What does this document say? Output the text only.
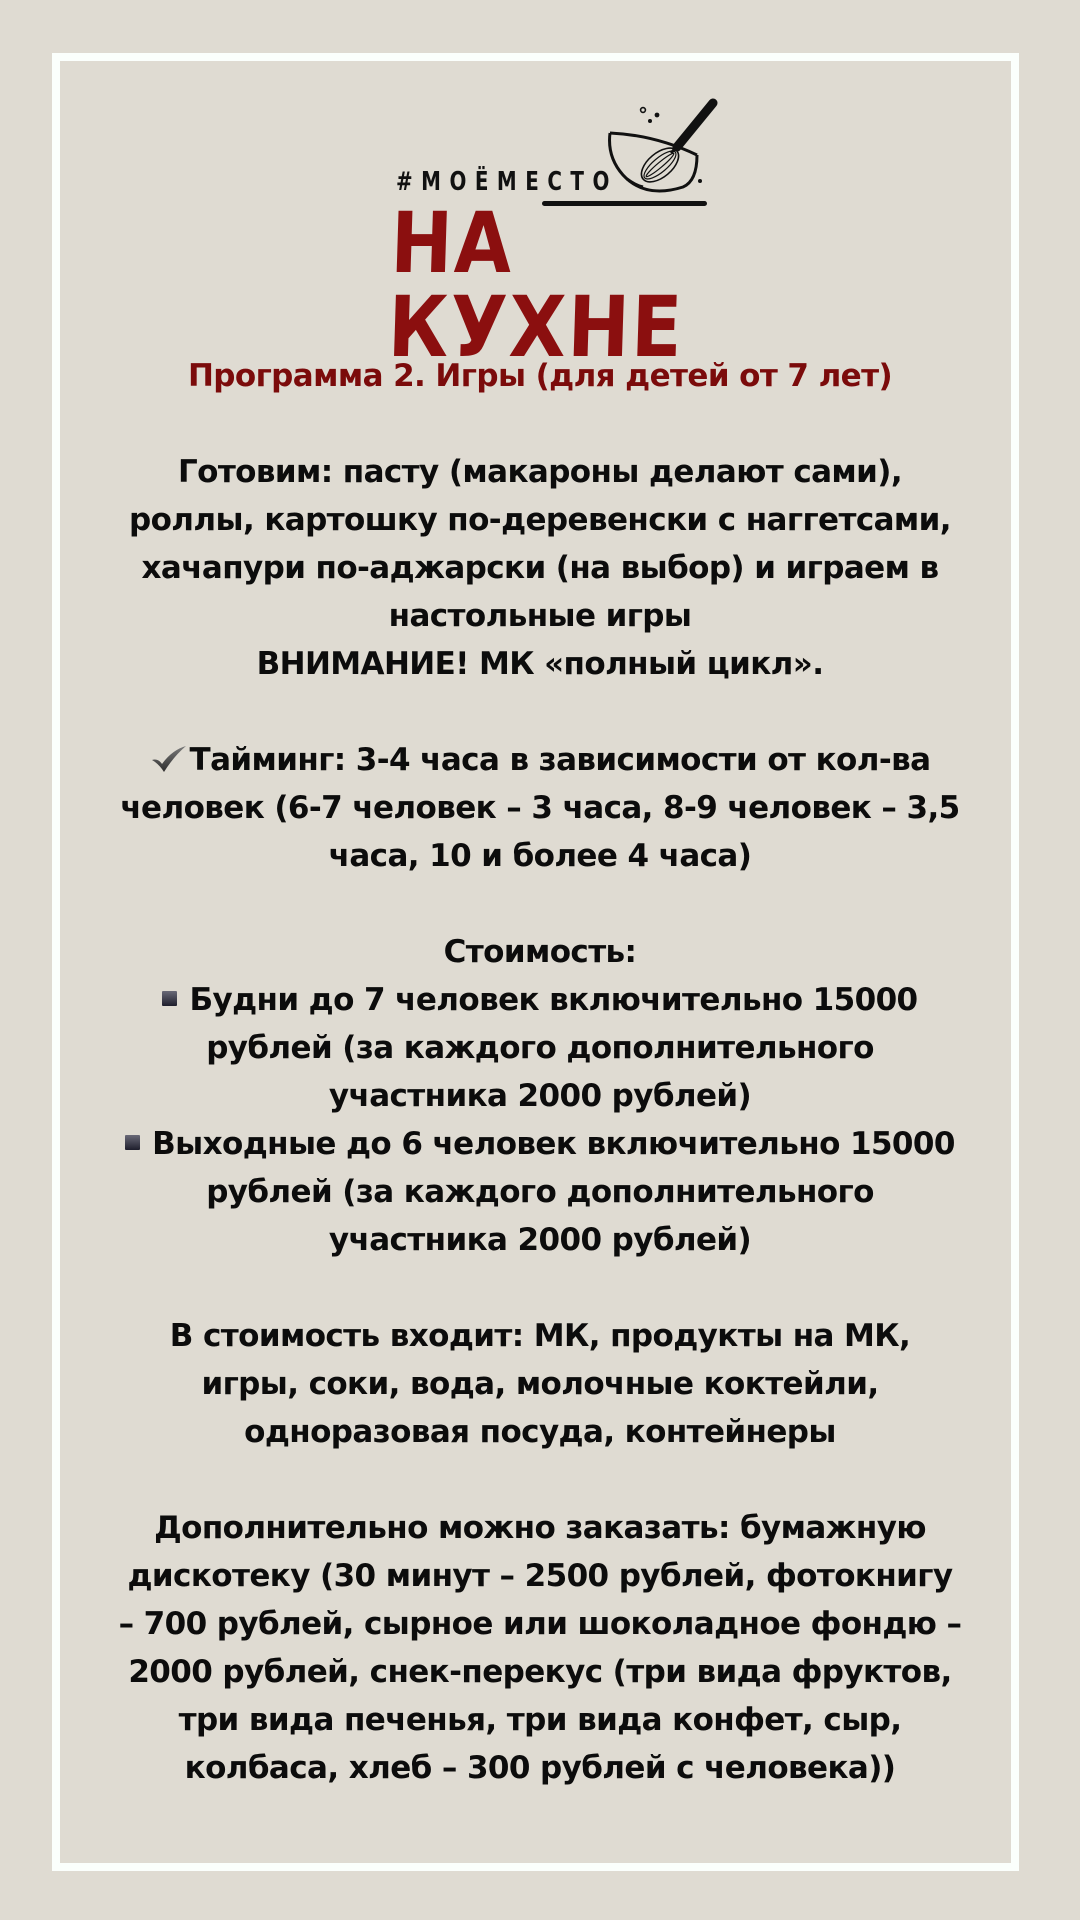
#МОЁМЕСТО
НА КУХНЕ
Программа 2. Игры (для детей от 7 лет)
Готовим: пасту (макароны делают сами),
роллы, картошку по-деревенски с наггетсами,
хачапури по-аджарски (на выбор) и играем в
настольные игры
ВНИМАНИЕ! МК «полный цикл».
Тайминг: 3-4 часа в зависимости от кол-ва
человек (6-7 человек – 3 часа, 8-9 человек – 3,5
часа, 10 и более 4 часа)
Стоимость:
Будни до 7 человек включительно 15000
рублей (за каждого дополнительного
участника 2000 рублей)
Выходные до 6 человек включительно 15000
рублей (за каждого дополнительного
участника 2000 рублей)
В стоимость входит: МК, продукты на МК,
игры, соки, вода, молочные коктейли,
одноразовая посуда, контейнеры
Дополнительно можно заказать: бумажную
дискотеку (30 минут – 2500 рублей, фотокнигу
– 700 рублей, сырное или шоколадное фондю –
2000 рублей, снек-перекус (три вида фруктов,
три вида печенья, три вида конфет, сыр,
колбаса, хлеб – 300 рублей с человека))
